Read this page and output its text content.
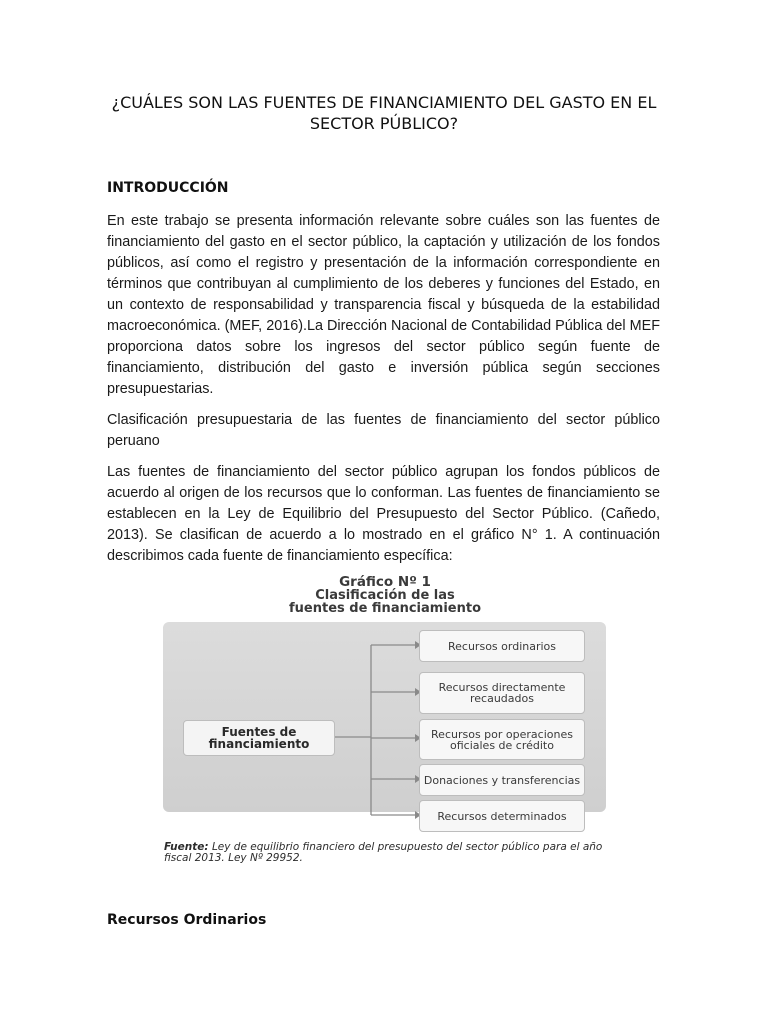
¿CUÁLES SON LAS FUENTES DE FINANCIAMIENTO DEL GASTO EN EL SECTOR PÚBLICO?
INTRODUCCIÓN
En este trabajo se presenta información relevante sobre cuáles son las fuentes de financiamiento del gasto en el sector público, la captación y utilización de los fondos públicos, así como el registro y presentación de la información correspondiente en términos que contribuyan al cumplimiento de los deberes y funciones del Estado, en un contexto de responsabilidad y transparencia fiscal y búsqueda de la estabilidad macroeconómica. (MEF, 2016).La Dirección Nacional de Contabilidad Pública del MEF proporciona datos sobre los ingresos del sector público según fuente de financiamiento, distribución del gasto e inversión pública según secciones presupuestarias.
Clasificación presupuestaria de las fuentes de financiamiento del sector público peruano
Las fuentes de financiamiento del sector público agrupan los fondos públicos de acuerdo al origen de los recursos que lo conforman. Las fuentes de financiamiento se establecen en la Ley de Equilibrio del Presupuesto del Sector Público. (Cañedo, 2013). Se clasifican de acuerdo a lo mostrado en el gráfico N° 1. A continuación describimos cada fuente de financiamiento específica:
Gráfico Nº 1
Clasificación de las
fuentes de financiamiento
Fuentes de financiamiento
Recursos ordinarios
Recursos directamente recaudados
Recursos por operaciones oficiales de crédito
Donaciones y transferencias
Recursos determinados
Fuente: Ley de equilibrio financiero del presupuesto del sector público para el año fiscal 2013. Ley Nº 29952.
Recursos Ordinarios
